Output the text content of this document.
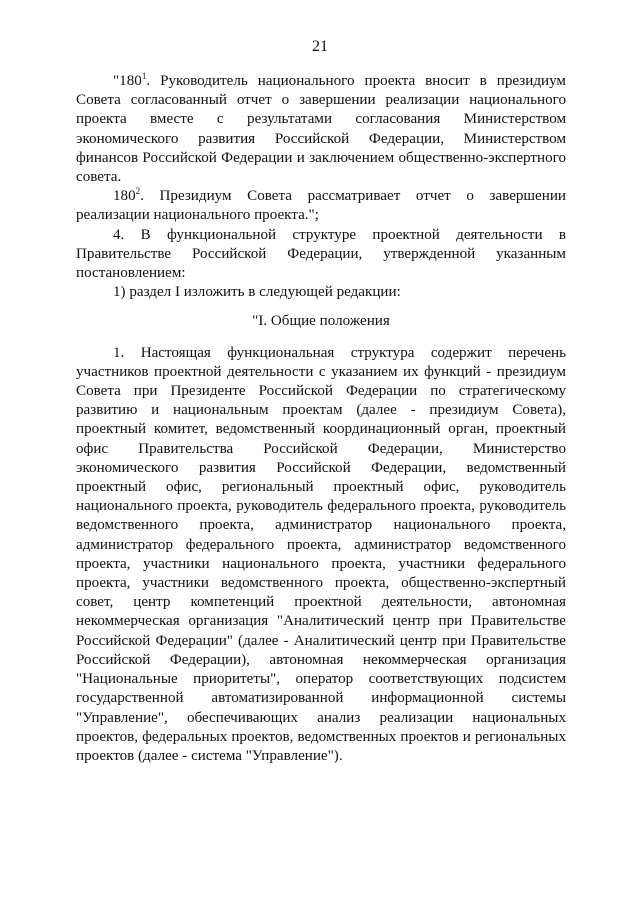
21

"$180^1$. Руководитель национального проекта вносит в президиум Совета согласованный отчет о завершении реализации национального проекта вместе с результатами согласования Министерством экономического развития Российской Федерации, Министерством финансов Российской Федерации и заключением общественно-экспертного совета.

$180^2$. Президиум Совета рассматривает отчет о завершении реализации национального проекта.";

4. В функциональной структуре проектной деятельности в Правительстве Российской Федерации, утвержденной указанным постановлением:

1) раздел I изложить в следующей редакции:

"I. Общие положения

1. Настоящая функциональная структура содержит перечень участников проектной деятельности с указанием их функций - президиум Совета при Президенте Российской Федерации по стратегическому развитию и национальным проектам (далее - президиум Совета), проектный комитет, ведомственный координационный орган, проектный офис Правительства Российской Федерации, Министерство экономического развития Российской Федерации, ведомственный проектный офис, региональный проектный офис, руководитель национального проекта, руководитель федерального проекта, руководитель ведомственного проекта, администратор национального проекта, администратор федерального проекта, администратор ведомственного проекта, участники национального проекта, участники федерального проекта, участники ведомственного проекта, общественно-экспертный совет, центр компетенций проектной деятельности, автономная некоммерческая организация "Аналитический центр при Правительстве Российской Федерации" (далее - Аналитический центр при Правительстве Российской Федерации), автономная некоммерческая организация "Национальные приоритеты", оператор соответствующих подсистем государственной автоматизированной информационной системы "Управление", обеспечивающих анализ реализации национальных проектов, федеральных проектов, ведомственных проектов и региональных проектов (далее - система "Управление").
